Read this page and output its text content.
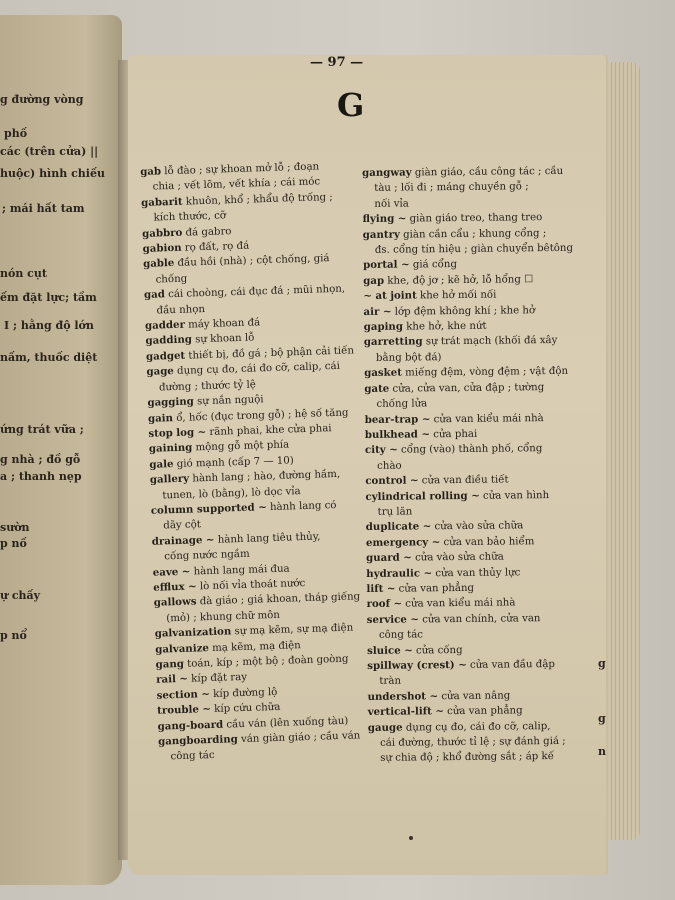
g đường vòng
phố
các (trên cửa) ||
huộc) hình chiếu
; mái hất tam
nón cụt
ếm đặt lực; tầm
I ; hằng độ lớn
nấm, thuốc diệt
ứng trát vữa ;
g nhà ; đồ gỗ
a ; thanh nẹp
sườn
p nố
ự chấy
p nổ
— 97 —
G
gab lỗ đào ; sự khoan mở lỗ ; đoạn
chia ; vết lõm, vết khía ; cái móc
gabarit khuôn, khổ ; khẩu độ trống ;
kích thước, cỡ
gabbro đá gabro
gabion rọ đất, rọ đá
gable đầu hồi (nhà) ; cột chống, giá
chống
gad cái choòng, cái đục đá ; mũi nhọn,
đầu nhọn
gadder máy khoan đá
gadding sự khoan lỗ
gadget thiết bị, đồ gá ; bộ phận cải tiến
gage dụng cụ đo, cái đo cỡ, calip, cái
đường ; thước tỷ lệ
gagging sự nắn nguội
gain ổ, hốc (đục trong gỗ) ; hệ số tăng
stop log ~ rãnh phai, khe cửa phai
gaining mộng gỗ một phía
gale gió mạnh (cấp 7 — 10)
gallery hành lang ; hào, đường hầm,
tunen, lò (bằng), lò dọc vỉa
column supported ~ hành lang có
dãy cột
drainage ~ hành lang tiêu thủy,
cống nước ngầm
eave ~ hành lang mái đua
efflux ~ lò nối vỉa thoát nước
gallows đà giáo ; giá khoan, tháp giếng
(mỏ) ; khung chữ môn
galvanization sự mạ kẽm, sự mạ điện
galvanize mạ kẽm, mạ điện
gang toán, kíp ; một bộ ; đoàn goòng
rail ~ kíp đặt ray
section ~ kíp đường lộ
trouble ~ kíp cứu chữa
gang-board cầu ván (lên xuống tàu)
gangboarding ván giàn giáo ; cầu ván
công tác
gangway giàn giáo, cầu công tác ; cầu
tàu ; lối đi ; máng chuyền gỗ ;
nối vỉa
flying ~ giàn giáo treo, thang treo
gantry giàn cần cẩu ; khung cổng ;
đs. cổng tín hiệu ; giàn chuyển bêtông
portal ~ giá cổng
gap khe, độ jơ ; kẽ hở, lỗ hổng ☐
~ at joint khe hở mối nối
air ~ lớp đệm không khí ; khe hở
gaping khe hở, khe nứt
garretting sự trát mạch (khối đá xây
bằng bột đá)
gasket miếng đệm, vòng đệm ; vật độn
gate cửa, cửa van, cửa đập ; tường
chống lửa
bear-trap ~ cửa van kiểu mái nhà
bulkhead ~ cửa phai
city ~ cổng (vào) thành phố, cổng
chào
control ~ cửa van điều tiết
cylindrical rolling ~ cửa van hình
trụ lăn
duplicate ~ cửa vào sửa chữa
emergency ~ cửa van bảo hiểm
guard ~ cửa vào sửa chữa
hydraulic ~ cửa van thủy lực
lift ~ cửa van phẳng
roof ~ cửa van kiểu mái nhà
service ~ cửa van chính, cửa van
công tác
sluice ~ cửa cống
spillway (crest) ~ cửa van đầu đập
tràn
undershot ~ cửa van nâng
vertical-lift ~ cửa van phẳng
gauge dụng cụ đo, cái đo cỡ, calip,
cái đường, thước tỉ lệ ; sự đánh giá ;
sự chia độ ; khổ đường sắt ; áp kế
g
g
n
